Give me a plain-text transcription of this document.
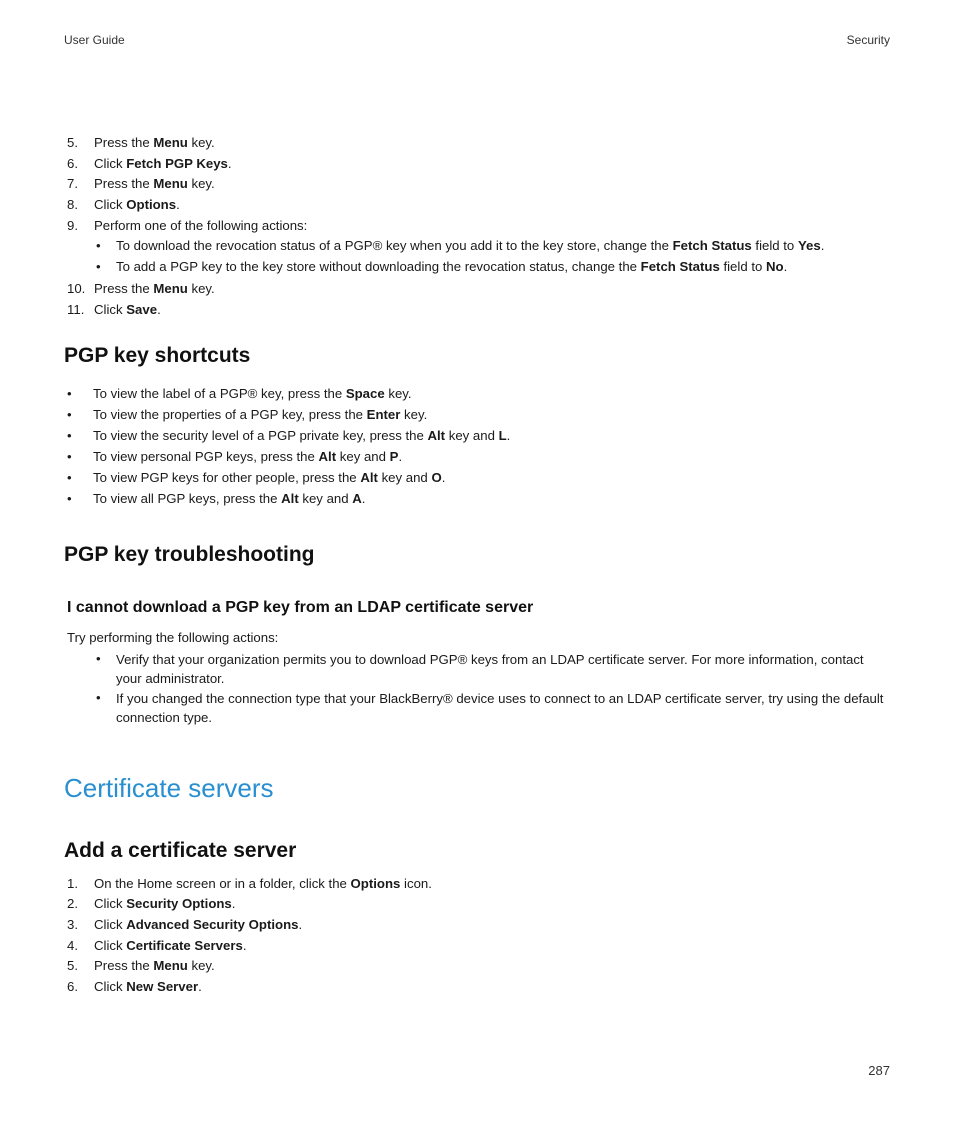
User Guide	Security
5.	Press the Menu key.
6.	Click Fetch PGP Keys.
7.	Press the Menu key.
8.	Click Options.
9.	Perform one of the following actions:
• To download the revocation status of a PGP® key when you add it to the key store, change the Fetch Status field to Yes.
• To add a PGP key to the key store without downloading the revocation status, change the Fetch Status field to No.
10. Press the Menu key.
11. Click Save.
PGP key shortcuts
• To view the label of a PGP® key, press the Space key.
• To view the properties of a PGP key, press the Enter key.
• To view the security level of a PGP private key, press the Alt key and L.
• To view personal PGP keys, press the Alt key and P.
• To view PGP keys for other people, press the Alt key and O.
• To view all PGP keys, press the Alt key and A.
PGP key troubleshooting
I cannot download a PGP key from an LDAP certificate server
Try performing the following actions:
• Verify that your organization permits you to download PGP® keys from an LDAP certificate server. For more information, contact your administrator.
• If you changed the connection type that your BlackBerry® device uses to connect to an LDAP certificate server, try using the default connection type.
Certificate servers
Add a certificate server
1.	On the Home screen or in a folder, click the Options icon.
2.	Click Security Options.
3.	Click Advanced Security Options.
4.	Click Certificate Servers.
5.	Press the Menu key.
6.	Click New Server.
287
